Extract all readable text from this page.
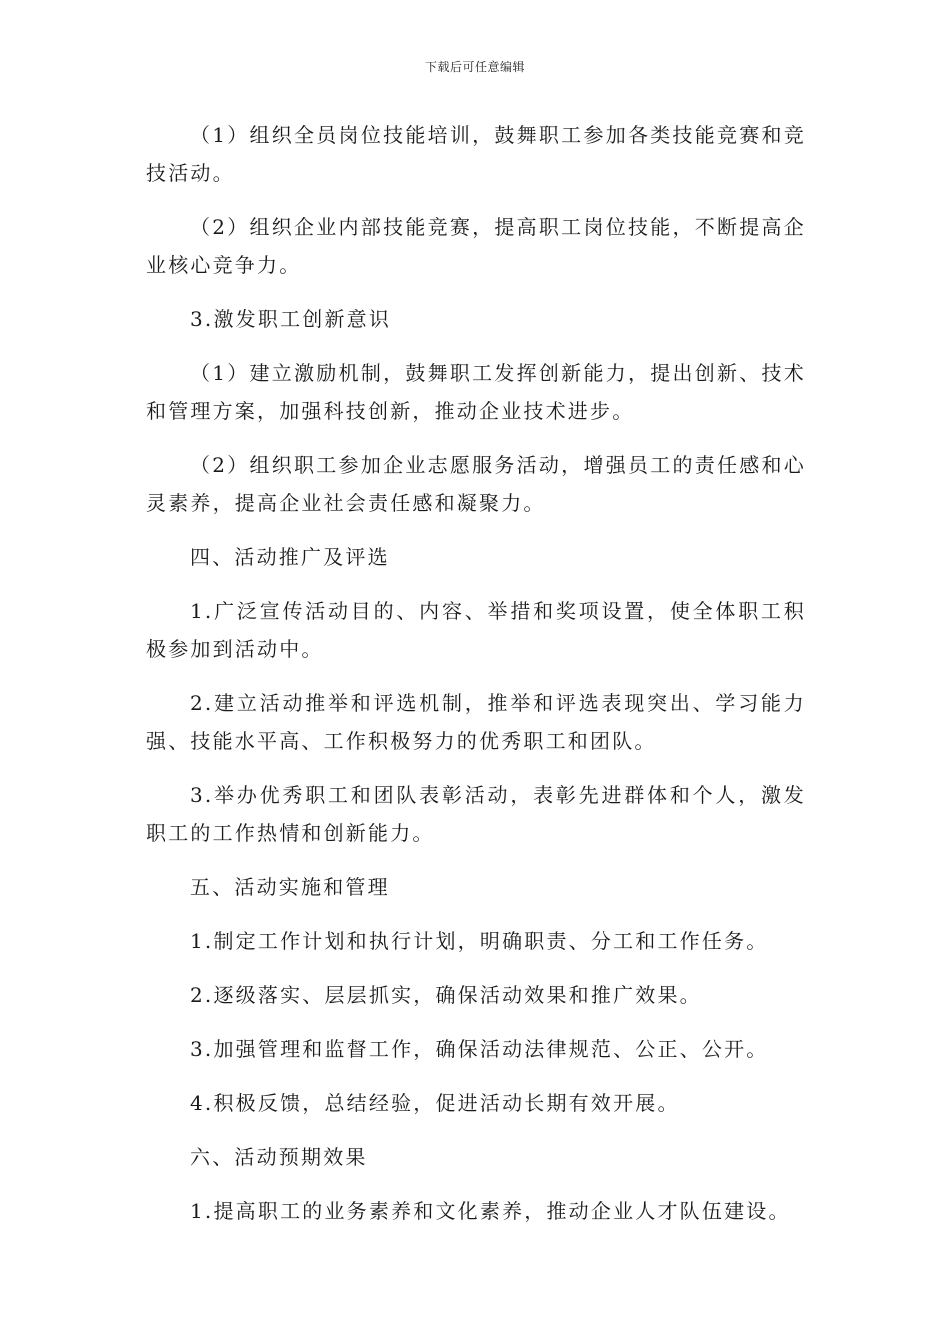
下载后可任意编辑

（1）组织全员岗位技能培训，鼓舞职工参加各类技能竞赛和竞技活动。

（2）组织企业内部技能竞赛，提高职工岗位技能，不断提高企业核心竞争力。

3.激发职工创新意识

（1）建立激励机制，鼓舞职工发挥创新能力，提出创新、技术和管理方案，加强科技创新，推动企业技术进步。

（2）组织职工参加企业志愿服务活动，增强员工的责任感和心灵素养，提高企业社会责任感和凝聚力。

四、活动推广及评选

1.广泛宣传活动目的、内容、举措和奖项设置，使全体职工积极参加到活动中。

2.建立活动推举和评选机制，推举和评选表现突出、学习能力强、技能水平高、工作积极努力的优秀职工和团队。

3.举办优秀职工和团队表彰活动，表彰先进群体和个人，激发职工的工作热情和创新能力。

五、活动实施和管理

1.制定工作计划和执行计划，明确职责、分工和工作任务。

2.逐级落实、层层抓实，确保活动效果和推广效果。

3.加强管理和监督工作，确保活动法律规范、公正、公开。

4.积极反馈，总结经验，促进活动长期有效开展。

六、活动预期效果

1.提高职工的业务素养和文化素养，推动企业人才队伍建设。
